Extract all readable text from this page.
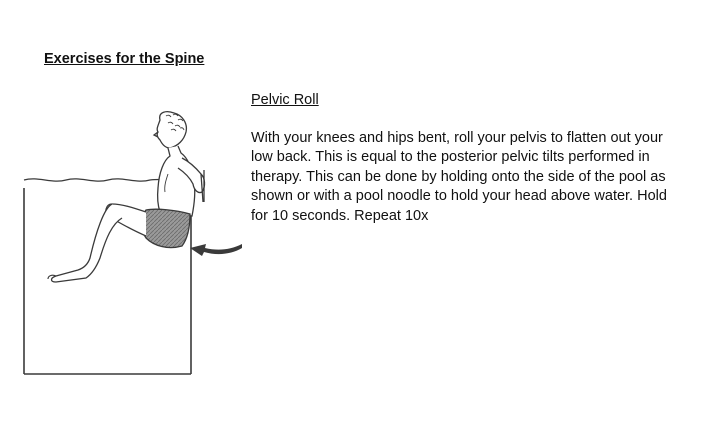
Exercises for the Spine
Pelvic Roll
With your knees and hips bent, roll your pelvis to flatten out your low back. This is equal to the posterior pelvic tilts performed in therapy. This can be done by holding onto the side of the pool as shown or with a pool noodle to hold your head above water. Hold for 10 seconds. Repeat 10x
